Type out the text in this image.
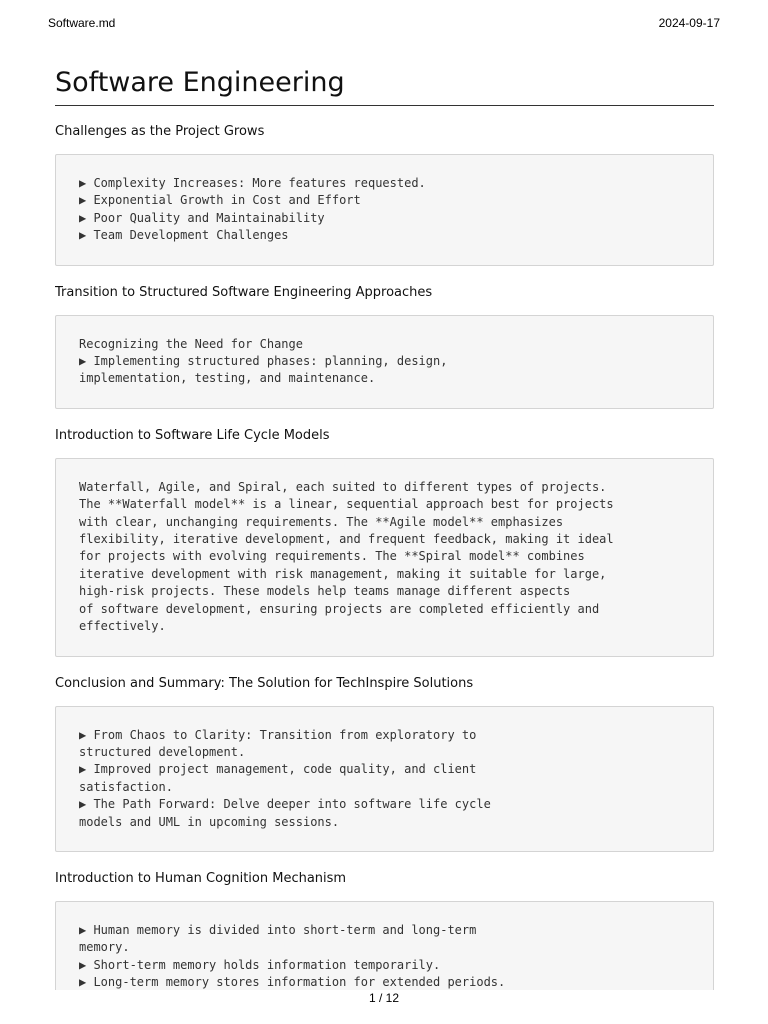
Software.md	2024-09-17
Software Engineering
Challenges as the Project Grows
▶ Complexity Increases: More features requested.
▶ Exponential Growth in Cost and Effort
▶ Poor Quality and Maintainability
▶ Team Development Challenges
Transition to Structured Software Engineering Approaches
Recognizing the Need for Change
▶ Implementing structured phases: planning, design,
implementation, testing, and maintenance.
Introduction to Software Life Cycle Models
Waterfall, Agile, and Spiral, each suited to different types of projects.
The **Waterfall model** is a linear, sequential approach best for projects
with clear, unchanging requirements. The **Agile model** emphasizes
flexibility, iterative development, and frequent feedback, making it ideal
for projects with evolving requirements. The **Spiral model** combines
iterative development with risk management, making it suitable for large,
high-risk projects. These models help teams manage different aspects
of software development, ensuring projects are completed efficiently and
effectively.
Conclusion and Summary: The Solution for TechInspire Solutions
▶ From Chaos to Clarity: Transition from exploratory to
structured development.
▶ Improved project management, code quality, and client
satisfaction.
▶ The Path Forward: Delve deeper into software life cycle
models and UML in upcoming sessions.
Introduction to Human Cognition Mechanism
▶ Human memory is divided into short-term and long-term
memory.
▶ Short-term memory holds information temporarily.
▶ Long-term memory stores information for extended periods.
1 / 12
